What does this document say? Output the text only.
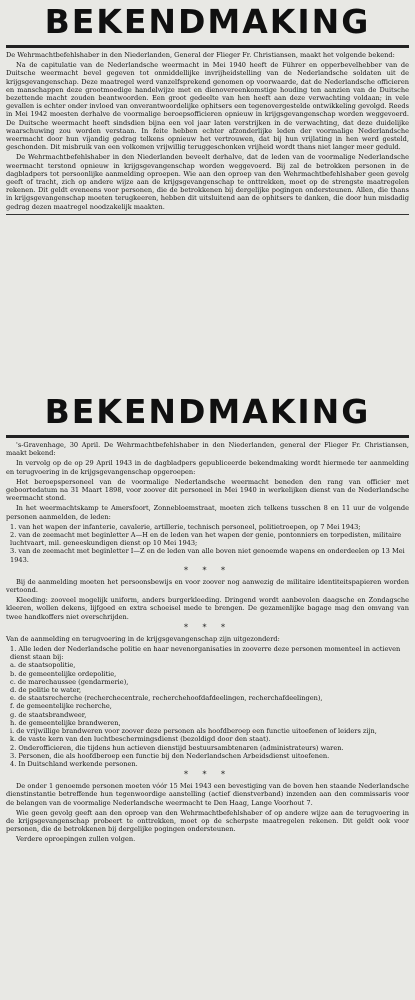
BEKENDMAKING

De Wehrmachtbefehlshaber in den Niederlanden, General der Flieger Fr. Christiansen, maakt het volgende bekend:

Na de capitulatie van de Nederlandsche weermacht in Mei 1940 heeft de Führer en opperbevelhebber van de Duitsche weermacht bevel gegeven tot onmiddellijke invrijheidstelling van de Nederlandsche soldaten uit de krijgsgevangenschap. Deze maatregel werd vanzelfsprekend genomen op voorwaarde, dat de Nederlandsche officieren en manschappen deze grootmoedige handelwijze met en dienovereenkomstige houding ten aanzien van de Duitsche bezettende macht zouden beantwoorden. Een groot gedeelte van hen heeft aan deze verwachting voldaan; in vele gevallen is echter onder invloed van onverantwoordelijke ophitsers een tegenovergestelde ontwikkeling gevolgd. Reeds in Mei 1942 moesten derhalve de voormalige beroepsofficieren opnieuw in krijgsgevangenschap worden weggevoerd. De Duitsche weermacht heeft sindsdien bijna een vol jaar laten verstrijken in de verwachting, dat deze duidelijke waarschuwing zou worden verstaan. In feite hebben echter afzonderlijke leden der voormalige Nederlandsche weermacht door hun vijandig gedrag telkens opnieuw het vertrouwen, dat bij hun vrijlating in hen werd gesteld, geschonden. Dit misbruik van een volkomen vrijwillig teruggeschonken vrijheid wordt thans niet langer meer geduld.

De Wehrmachtbefehlshaber in den Niederlanden beveelt derhalve, dat de leden van de voormalige Nederlandsche weermacht terstond opnieuw in krijgsgevangenschap worden weggevoerd. Bij zal de betrokken personen in de dagbladpers tot persoonlijke aanmelding oproepen. Wie aan den oproep van den Wehrmachtbefehlshaber geen gevolg geeft of tracht, zich op andere wijze aan de krijgsgevangenschap te onttrekken, moet op de strengste maatregelen rekenen. Dit geldt eveneens voor personen, die de betrokkenen bij dergelijke pogingen ondersteunen. Allen, die thans in krijgsgevangenschap moeten terugkeeren, hebben dit uitsluitend aan de ophitsers te danken, die door hun misdadig gedrag dezen maatregel noodzakelijk maakten.

BEKENDMAKING

's-Gravenhage, 30 April. De Wehrmachtbefehlshaber in den Niederlanden, general der Flieger Fr. Christiansen, maakt bekend:

In vervolg op de op 29 April 1943 in de dagbladpers gepubliceerde bekendmaking wordt hiermede ter aanmelding en terugvoering in de krijgsgevangenschap opgeroepen:

Het beroepspersoneel van de voormalige Nederlandsche weermacht beneden den rang van officier met geboortedatum na 31 Maart 1898, voor zoover dit personeel in Mei 1940 in werkelijken dienst van de Nederlandsche weermacht stond.

In het weermachtskamp te Amersfoort, Zonnebloemstraat, moeten zich telkens tusschen 8 en 11 uur de volgende personen aanmelden, de leden:

1. van het wapen der infanterie, cavalerie, artillerie, technisch personeel, politietroepen, op 7 Mei 1943;

2. van de zeemacht met beginletter A—H en de leden van het wapen der genie, pontonniers en torpedisten, militaire luchtvaart, mil. geneeskundigen dienst op 10 Mei 1943;

3. van de zeemacht met beginletter I—Z en de leden van alle boven niet genoemde wapens en onderdeelen op 13 Mei 1943.

* * *

Bij de aanmelding moeten het persoonsbewijs en voor zoover nog aanwezig de militaire identiteitspapieren worden vertoond.

Kleeding: zooveel mogelijk uniform, anders burgerkleeding. Dringend wordt aanbevolen daagsche en Zondagsche kleeren, wollen dekens, lijfgoed en extra schoeisel mede te brengen. De gezamenlijke bagage mag den omvang van twee handkoffers niet overschrijden.

* * *

Van de aanmelding en terugvoering in de krijgsgevangenschap zijn uitgezonderd:

1. Alle leden der Nederlandsche politie en haar nevenorganisaties in zooverre deze personen momenteel in actieven dienst staan bij:

a. de staatsopolitie,

b. de gemeentelijke ordepolitie,

c. de marechaussee (gendarmerie),

d. de politie te water,

e. de staatsrecherche (recherchecentrale, recherchehoofdafdeelingen, recherchafdeelingen),

f. de gemeentelijke recherche,

g. de staatsbrandweer,

h. de gemeentelijke brandweren,

i. de vrijwillige brandweren voor zoover deze personen als hoofdberoep een functie uitoefenen of leiders zijn,

k. de vaste kern van den luchtbeschermingsdienst (bezoldigd door den staat).

2. Onderofficieren, die tijdens hun actieven dienstijd bestuursambtenaren (administrateurs) waren.

3. Personen, die als hoofdberoep een functie bij den Nederlandschen Arbeidsdienst uitoefenen.

4. In Duitschland werkende personen.

* * *

De onder 1 genoemde personen moeten vóór 15 Mei 1943 een bevestiging van de boven hen staande Nederlandsche dienstinstantie betreffende hun tegenwoordige aanstelling (actief dienstverband) inzenden aan den commissaris voor de belangen van de voormalige Nederlandsche weermacht te Den Haag, Lange Voorhout 7.

Wie geen gevolg geeft aan den oproep van den Wehrmachtbefehlshaber of op andere wijze aan de terugvoering in de krijgsgevangenschap probeert te onttrekken, moet op de scherpste maatregelen rekenen. Dit geldt ook voor personen, die de betrokkenen bij dergelijke pogingen ondersteunen.

Verdere oproepingen zullen volgen.
